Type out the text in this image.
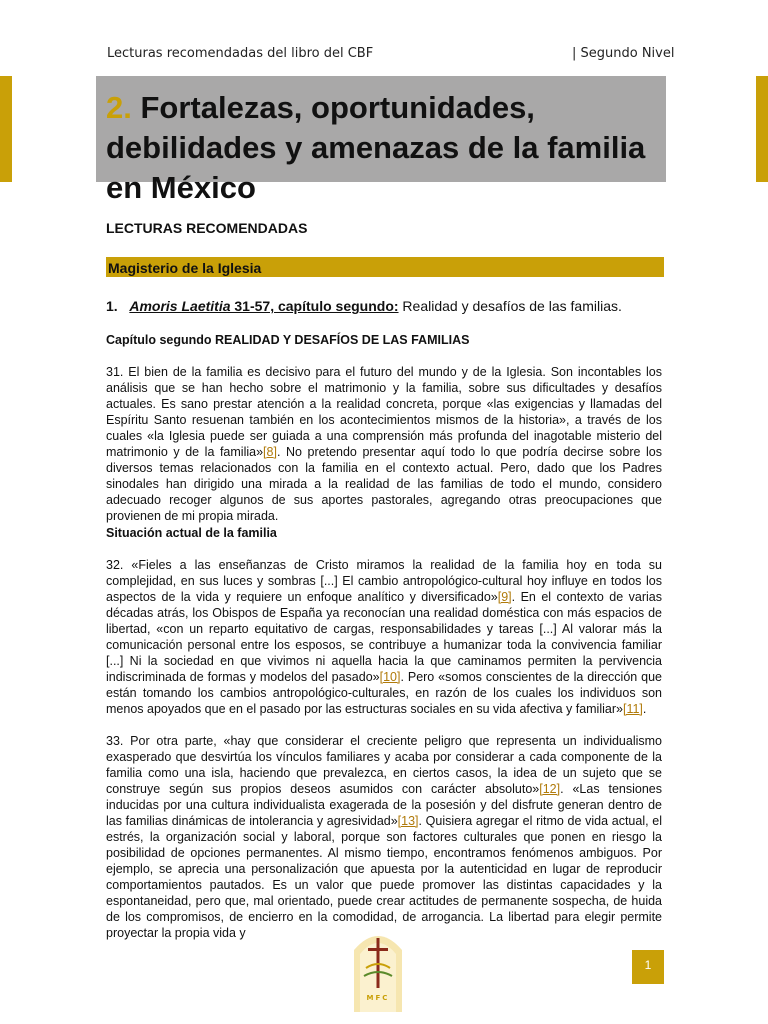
Lecturas recomendadas del libro del CBF	| Segundo Nivel
2. Fortalezas, oportunidades, debilidades y amenazas de la familia en México
LECTURAS RECOMENDADAS
Magisterio de la Iglesia
1. Amoris Laetitia 31-57, capítulo segundo: Realidad y desafíos de las familias.
Capítulo segundo REALIDAD Y DESAFÍOS DE LAS FAMILIAS
31. El bien de la familia es decisivo para el futuro del mundo y de la Iglesia. Son incontables los análisis que se han hecho sobre el matrimonio y la familia, sobre sus dificultades y desafíos actuales. Es sano prestar atención a la realidad concreta, porque «las exigencias y llamadas del Espíritu Santo resuenan también en los acontecimientos mismos de la historia», a través de los cuales «la Iglesia puede ser guiada a una comprensión más profunda del inagotable misterio del matrimonio y de la familia»[8]. No pretendo presentar aquí todo lo que podría decirse sobre los diversos temas relacionados con la familia en el contexto actual. Pero, dado que los Padres sinodales han dirigido una mirada a la realidad de las familias de todo el mundo, considero adecuado recoger algunos de sus aportes pastorales, agregando otras preocupaciones que provienen de mi propia mirada.
Situación actual de la familia
32. «Fieles a las enseñanzas de Cristo miramos la realidad de la familia hoy en toda su complejidad, en sus luces y sombras [...] El cambio antropológico-cultural hoy influye en todos los aspectos de la vida y requiere un enfoque analítico y diversificado»[9]. En el contexto de varias décadas atrás, los Obispos de España ya reconocían una realidad doméstica con más espacios de libertad, «con un reparto equitativo de cargas, responsabilidades y tareas [...] Al valorar más la comunicación personal entre los esposos, se contribuye a humanizar toda la convivencia familiar [...] Ni la sociedad en que vivimos ni aquella hacia la que caminamos permiten la pervivencia indiscriminada de formas y modelos del pasado»[10]. Pero «somos conscientes de la dirección que están tomando los cambios antropológico-culturales, en razón de los cuales los individuos son menos apoyados que en el pasado por las estructuras sociales en su vida afectiva y familiar»[11].
33. Por otra parte, «hay que considerar el creciente peligro que representa un individualismo exasperado que desvirtúa los vínculos familiares y acaba por considerar a cada componente de la familia como una isla, haciendo que prevalezca, en ciertos casos, la idea de un sujeto que se construye según sus propios deseos asumidos con carácter absoluto»[12]. «Las tensiones inducidas por una cultura individualista exagerada de la posesión y del disfrute generan dentro de las familias dinámicas de intolerancia y agresividad»[13]. Quisiera agregar el ritmo de vida actual, el estrés, la organización social y laboral, porque son factores culturales que ponen en riesgo la posibilidad de opciones permanentes. Al mismo tiempo, encontramos fenómenos ambiguos. Por ejemplo, se aprecia una personalización que apuesta por la autenticidad en lugar de reproducir comportamientos pautados. Es un valor que puede promover las distintas capacidades y la espontaneidad, pero que, mal orientado, puede crear actitudes de permanente sospecha, de huida de los compromisos, de encierro en la comodidad, de arrogancia. La libertad para elegir permite proyectar la propia vida y
MFC
1
